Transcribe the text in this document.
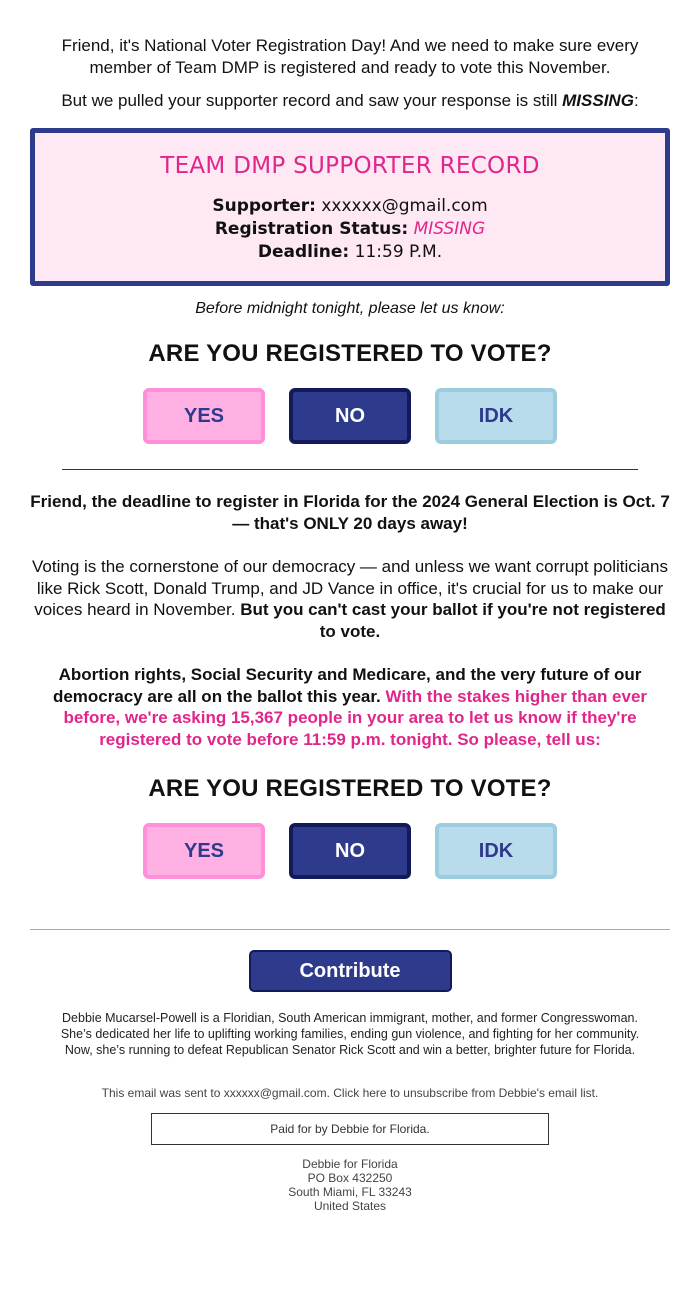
Friend, it's National Voter Registration Day! And we need to make sure every member of Team DMP is registered and ready to vote this November.

But we pulled your supporter record and saw your response is still MISSING:

TEAM DMP SUPPORTER RECORD
Supporter: xxxxxx@gmail.com
Registration Status: MISSING
Deadline: 11:59 P.M.
Before midnight tonight, please let us know:
ARE YOU REGISTERED TO VOTE?
YES	NO	IDK

Friend, the deadline to register in Florida for the 2024 General Election is Oct. 7 — that's ONLY 20 days away!

Voting is the cornerstone of our democracy — and unless we want corrupt politicians like Rick Scott, Donald Trump, and JD Vance in office, it's crucial for us to make our voices heard in November. But you can't cast your ballot if you're not registered to vote.

Abortion rights, Social Security and Medicare, and the very future of our democracy are all on the ballot this year. With the stakes higher than ever before, we're asking 15,367 people in your area to let us know if they're registered to vote before 11:59 p.m. tonight. So please, tell us:

ARE YOU REGISTERED TO VOTE?
YES	NO	IDK
Contribute
Debbie Mucarsel-Powell is a Floridian, South American immigrant, mother, and former Congresswoman. She’s dedicated her life to uplifting working families, ending gun violence, and fighting for her community. Now, she’s running to defeat Republican Senator Rick Scott and win a better, brighter future for Florida.
This email was sent to xxxxxx@gmail.com. Click here to unsubscribe from Debbie's email list.
Paid for by Debbie for Florida.
Debbie for Florida
PO Box 432250
South Miami, FL 33243
United States
